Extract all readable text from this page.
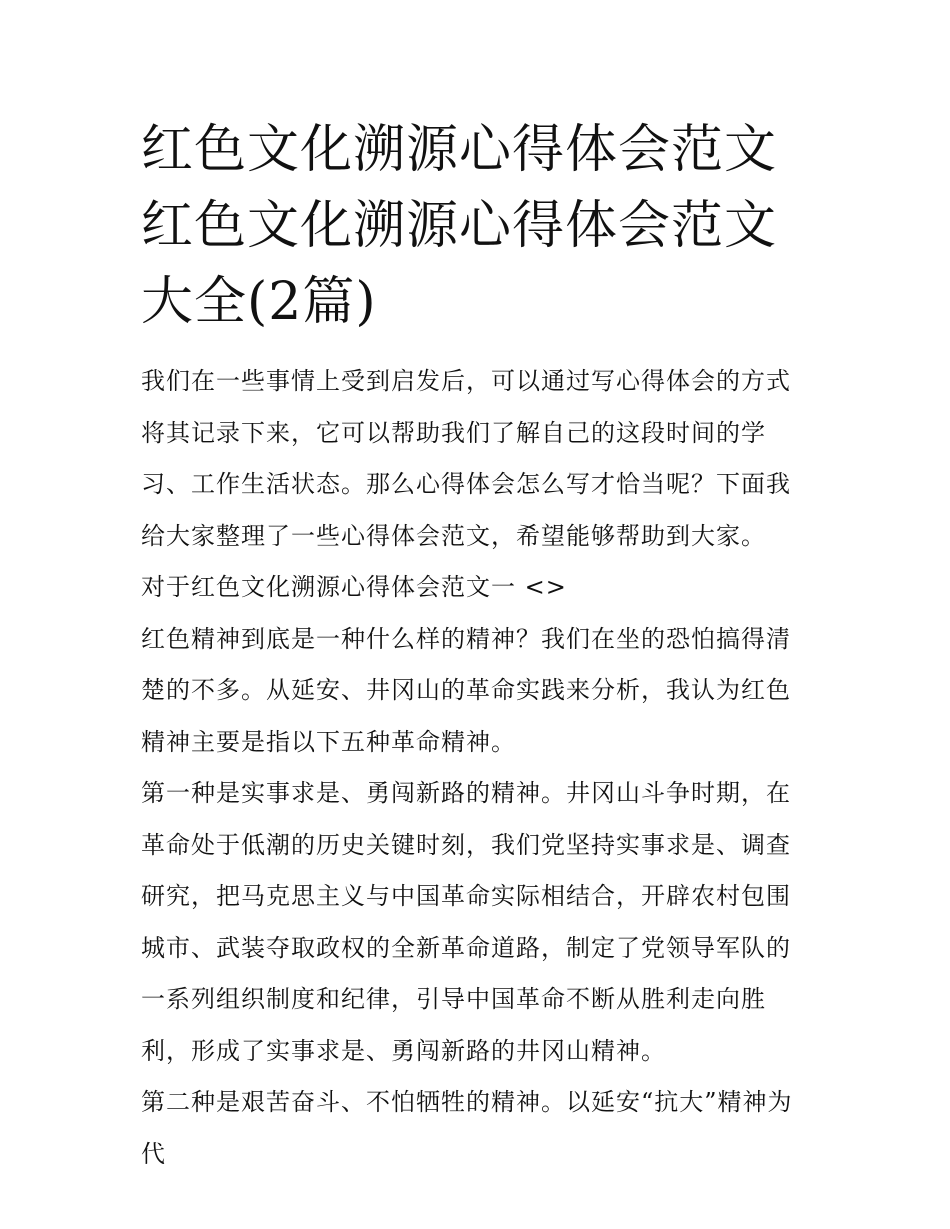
红色文化溯源心得体会范文 红色文化溯源心得体会范文大全(2篇)

我们在一些事情上受到启发后，可以通过写心得体会的方式将其记录下来，它可以帮助我们了解自己的这段时间的学习、工作生活状态。那么心得体会怎么写才恰当呢？下面我给大家整理了一些心得体会范文，希望能够帮助到大家。

对于红色文化溯源心得体会范文一 <>

红色精神到底是一种什么样的精神？我们在坐的恐怕搞得清楚的不多。从延安、井冈山的革命实践来分析，我认为红色精神主要是指以下五种革命精神。

第一种是实事求是、勇闯新路的精神。井冈山斗争时期，在革命处于低潮的历史关键时刻，我们党坚持实事求是、调查研究，把马克思主义与中国革命实际相结合，开辟农村包围城市、武装夺取政权的全新革命道路，制定了党领导军队的一系列组织制度和纪律，引导中国革命不断从胜利走向胜利，形成了实事求是、勇闯新路的井冈山精神。

第二种是艰苦奋斗、不怕牺牲的精神。以延安“抗大”精神为代
